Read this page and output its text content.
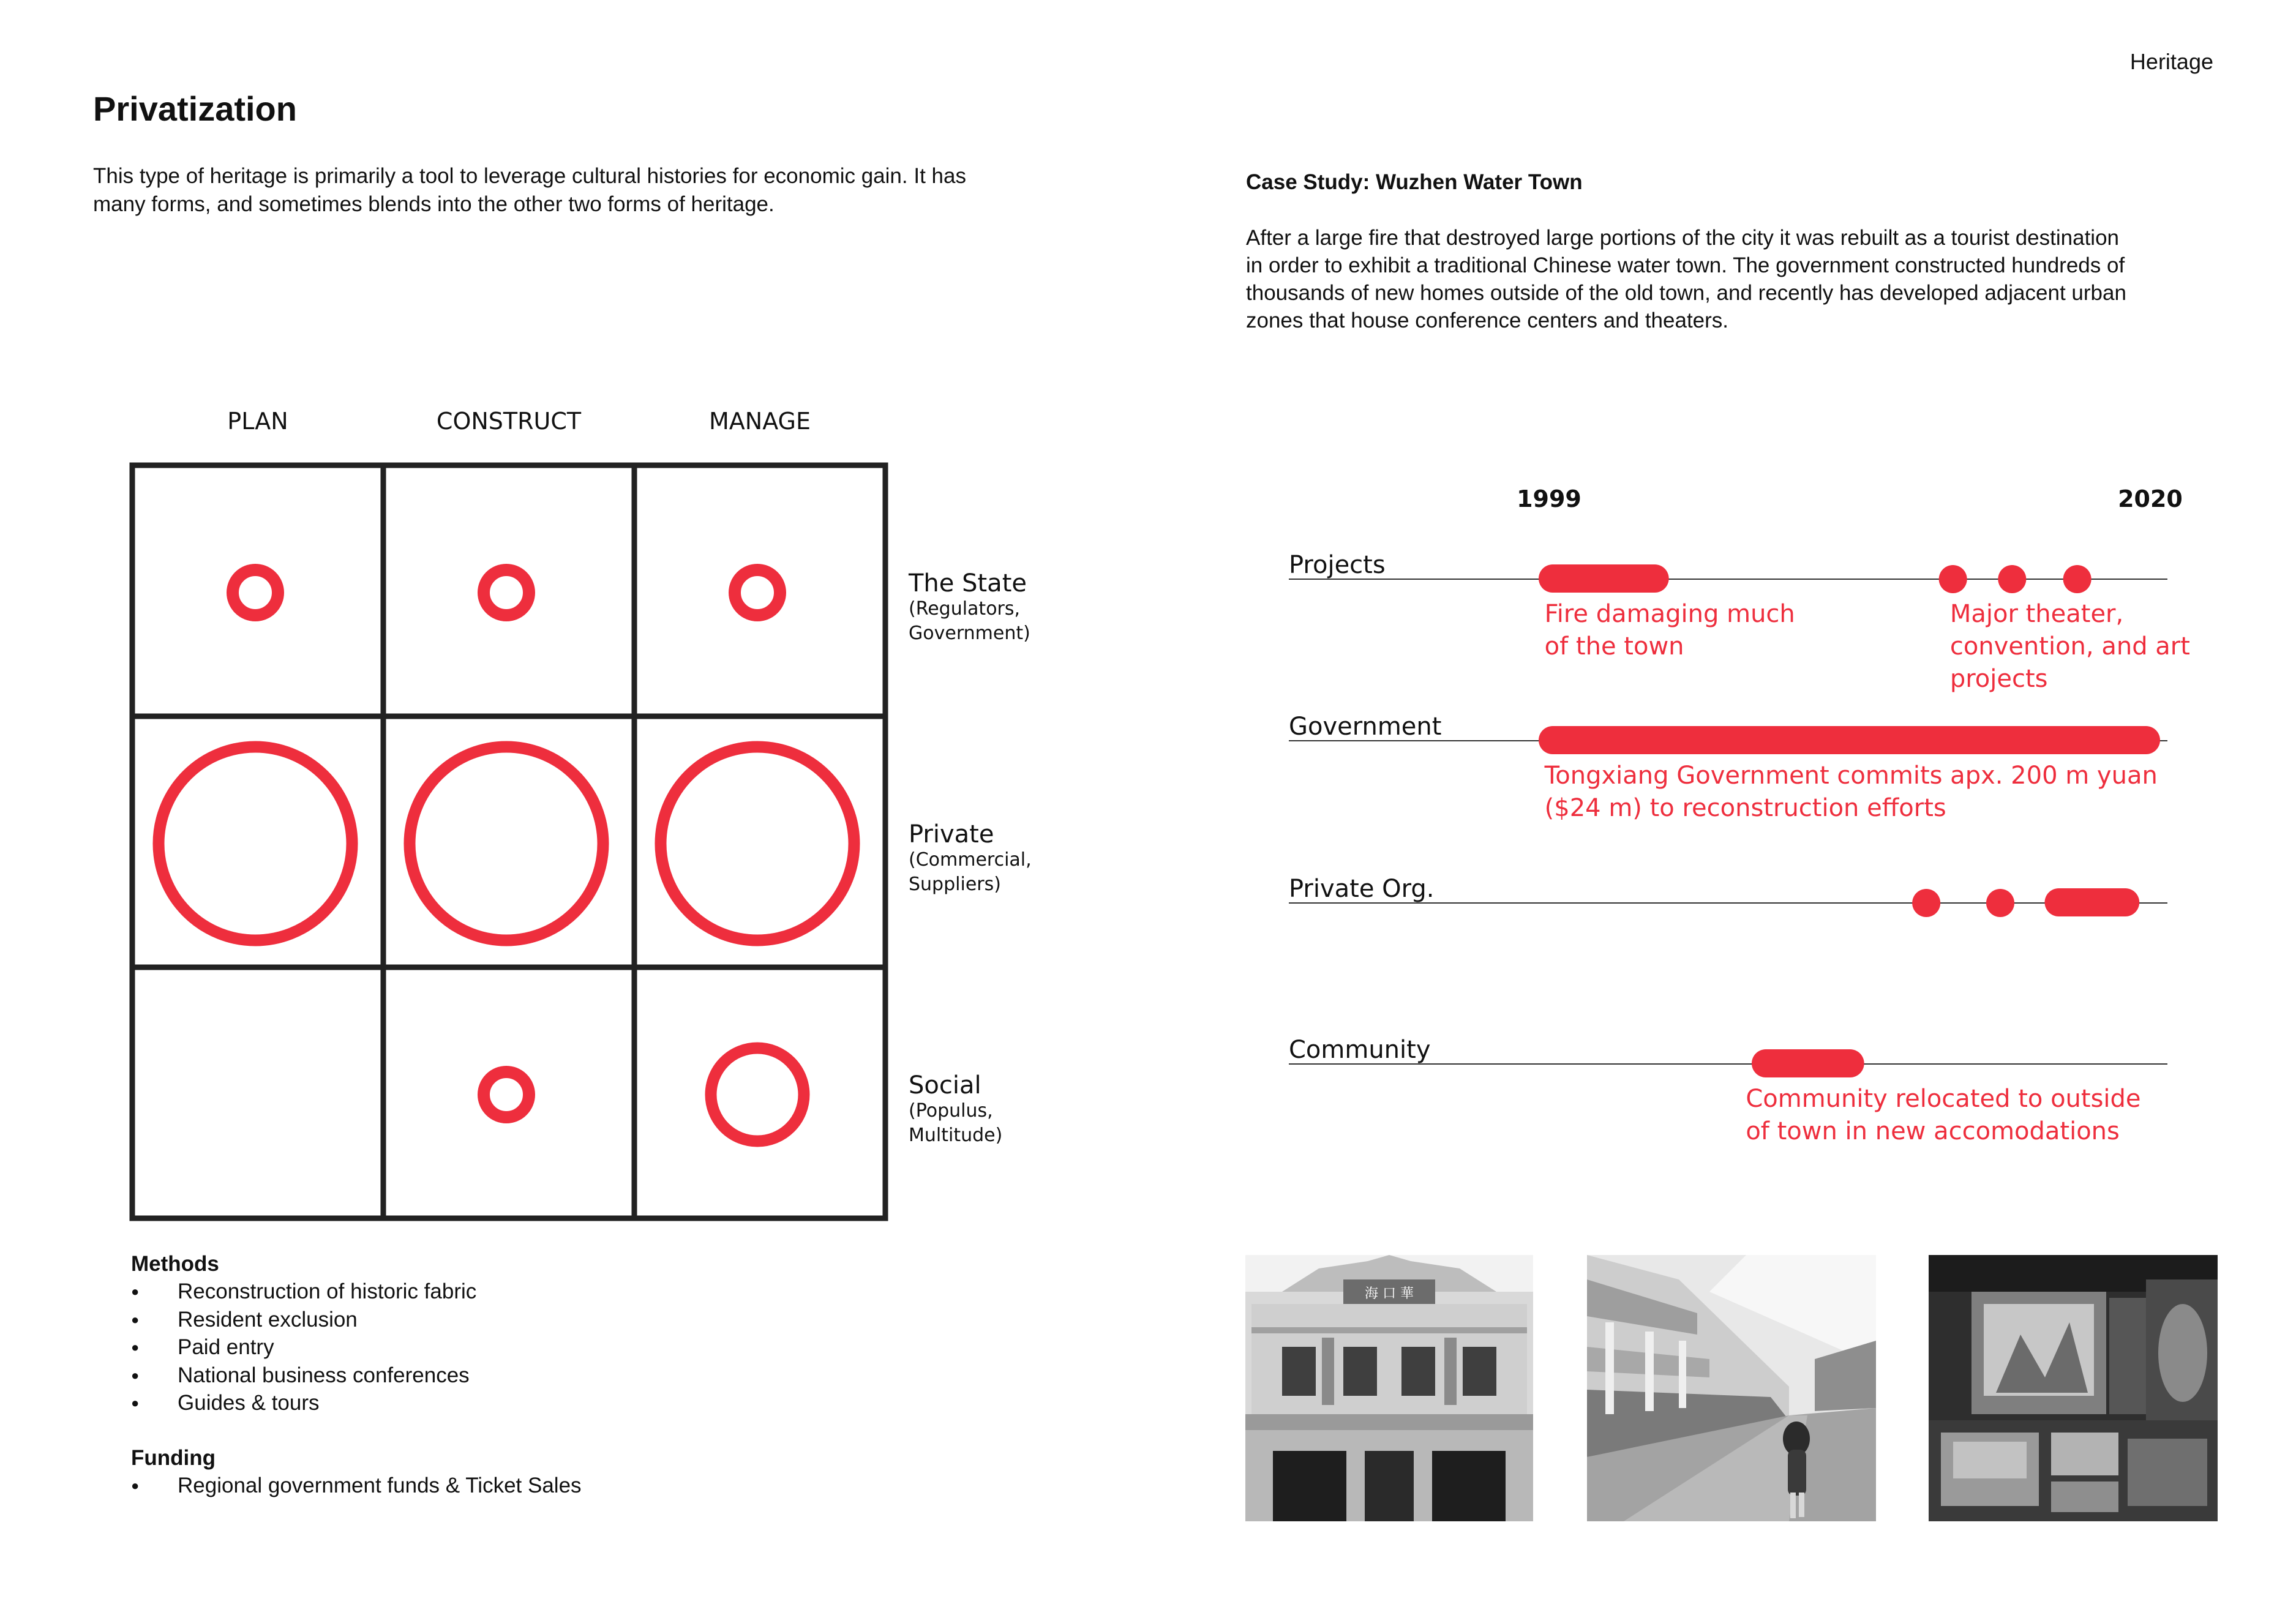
Heritage
Privatization
This type of heritage is primarily a tool to leverage cultural histories for economic gain. It has
many forms, and sometimes blends into the other two forms of heritage.
Case Study: Wuzhen Water Town
After a large fire that destroyed large portions of the city it was rebuilt as a tourist destination
in order to exhibit a traditional Chinese water town. The government constructed hundreds of
thousands of new homes outside of the old town, and recently has developed adjacent urban
zones that house conference centers and theaters.
PLAN	CONSTRUCT	MANAGE
The State
(Regulators,
Government)
Private
(Commercial,
Suppliers)
Social
(Populus,
Multitude)
Methods
● Reconstruction of historic fabric
● Resident exclusion
● Paid entry
● National business conferences
● Guides & tours
Funding
● Regional government funds & Ticket Sales
1999	2020
Projects
Fire damaging much
of the town
Major theater,
convention, and art
projects
Government
Tongxiang Government commits apx. 200 m yuan
($24 m) to reconstruction efforts
Private Org.
Community
Community relocated to outside
of town in new accomodations
海 口 華
